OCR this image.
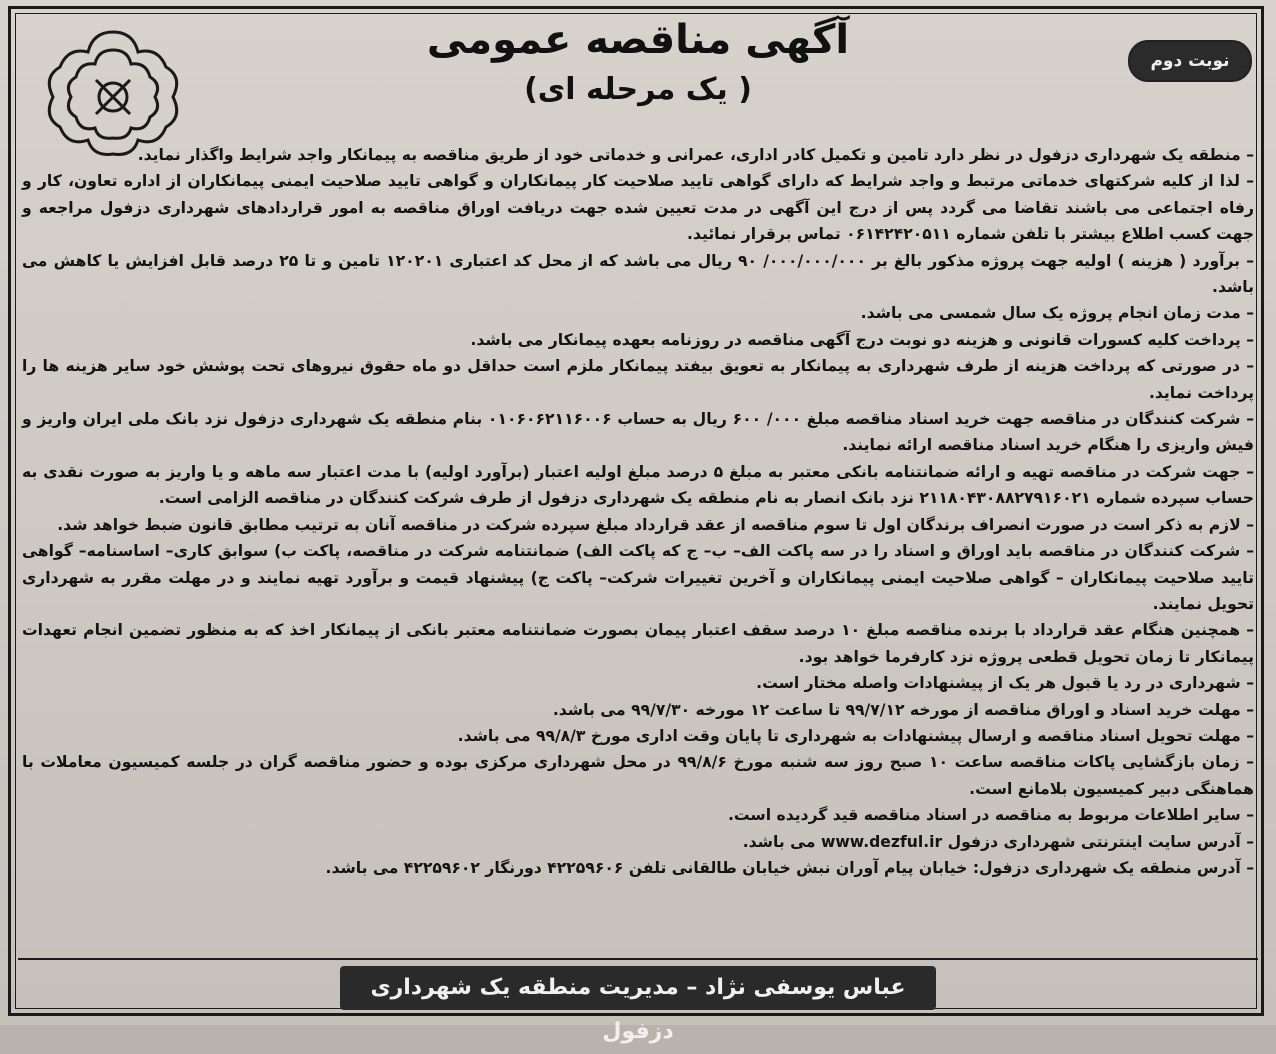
آگهی مناقصه عمومی
( یک مرحله ای)
نوبت دوم

– منطقه یک شهرداری دزفول در نظر دارد تامین و تکمیل کادر اداری، عمرانی و خدماتی خود از طریق مناقصه به پیمانکار واجد شرایط واگذار نماید.

– لذا از کلیه شرکتهای خدماتی مرتبط و واجد شرایط که دارای گواهی تایید صلاحیت کار پیمانکاران و گواهی تایید صلاحیت ایمنی پیمانکاران از اداره تعاون، کار و رفاه اجتماعی می باشند تقاضا می گردد پس از درج این آگهی در مدت تعیین شده جهت دریافت اوراق مناقصه به امور قراردادهای شهرداری دزفول مراجعه و جهت کسب اطلاع بیشتر با تلفن شماره ۰۶۱۴۲۴۲۰۵۱۱ تماس برقرار نمائید.

– برآورد ( هزینه ) اولیه جهت پروژه مذکور بالغ بر ۰۰۰/۰۰۰/۰۰۰/ ۹۰ ریال می باشد که از محل کد اعتباری ۱۲۰۲۰۱ تامین و تا ۲۵ درصد قابل افزایش یا کاهش می باشد.

– مدت زمان انجام پروژه یک سال شمسی می باشد.

– پرداخت کلیه کسورات قانونی و هزینه دو نوبت درج آگهی مناقصه در روزنامه بعهده پیمانکار می باشد.

– در صورتی که پرداخت هزینه از طرف شهرداری به پیمانکار به تعویق بیفتد پیمانکار ملزم است حداقل دو ماه حقوق نیروهای تحت پوشش خود سایر هزینه ها را پرداخت نماید.

– شرکت کنندگان در مناقصه جهت خرید اسناد مناقصه مبلغ ۰۰۰/ ۶۰۰ ریال به حساب ۰۱۰۶۰۶۲۱۱۶۰۰۶ بنام منطقه یک شهرداری دزفول نزد بانک ملی ایران واریز و فیش واریزی را هنگام خرید اسناد مناقصه ارائه نمایند.

– جهت شرکت در مناقصه تهیه و ارائه ضمانتنامه بانکی معتبر به مبلغ ۵ درصد مبلغ اولیه اعتبار (برآورد اولیه) با مدت اعتبار سه ماهه و یا واریز به صورت نقدی به حساب سپرده شماره ۲۱۱۸۰۴۳۰۸۸۲۷۹۱۶۰۲۱ نزد بانک انصار به نام منطقه یک شهرداری دزفول از طرف شرکت کنندگان در مناقصه الزامی است.

– لازم به ذکر است در صورت انصراف برندگان اول تا سوم مناقصه از عقد قرارداد مبلغ سپرده شرکت در مناقصه آنان به ترتیب مطابق قانون ضبط خواهد شد.

– شرکت کنندگان در مناقصه باید اوراق و اسناد را در سه پاکت الف– ب– ج که پاکت الف) ضمانتنامه شرکت در مناقصه، پاکت ب) سوابق کاری– اساسنامه– گواهی تایید صلاحیت پیمانکاران – گواهی صلاحیت ایمنی پیمانکاران و آخرین تغییرات شرکت– پاکت ج) پیشنهاد قیمت و برآورد تهیه نمایند و در مهلت مقرر به شهرداری تحویل نمایند.

– همچنین هنگام عقد قرارداد با برنده مناقصه مبلغ ۱۰ درصد سقف اعتبار پیمان بصورت ضمانتنامه معتبر بانکی از پیمانکار اخذ که به منظور تضمین انجام تعهدات پیمانکار تا زمان تحویل قطعی پروژه نزد کارفرما خواهد بود.

– شهرداری در رد یا قبول هر یک از پیشنهادات واصله مختار است.

– مهلت خرید اسناد و اوراق مناقصه از مورخه ۹۹/۷/۱۲ تا ساعت ۱۲ مورخه ۹۹/۷/۳۰ می باشد.

– مهلت تحویل اسناد مناقصه و ارسال پیشنهادات به شهرداری تا پایان وقت اداری مورخ ۹۹/۸/۳ می باشد.

– زمان بازگشایی پاکات مناقصه ساعت ۱۰ صبح روز سه شنبه مورخ ۹۹/۸/۶ در محل شهرداری مرکزی بوده و حضور مناقصه گران در جلسه کمیسیون معاملات با هماهنگی دبیر کمیسیون بلامانع است.

– سایر اطلاعات مربوط به مناقصه در اسناد مناقصه قید گردیده است.

– آدرس سایت اینترنتی شهرداری دزفول www.dezful.ir می باشد.

– آدرس منطقه یک شهرداری دزفول: خیابان پیام آوران نبش خیابان طالقانی تلفن ۴۲۲۵۹۶۰۶ دورنگار ۴۲۲۵۹۶۰۲ می باشد.

عباس یوسفی نژاد – مدیریت منطقه یک شهرداری دزفول
